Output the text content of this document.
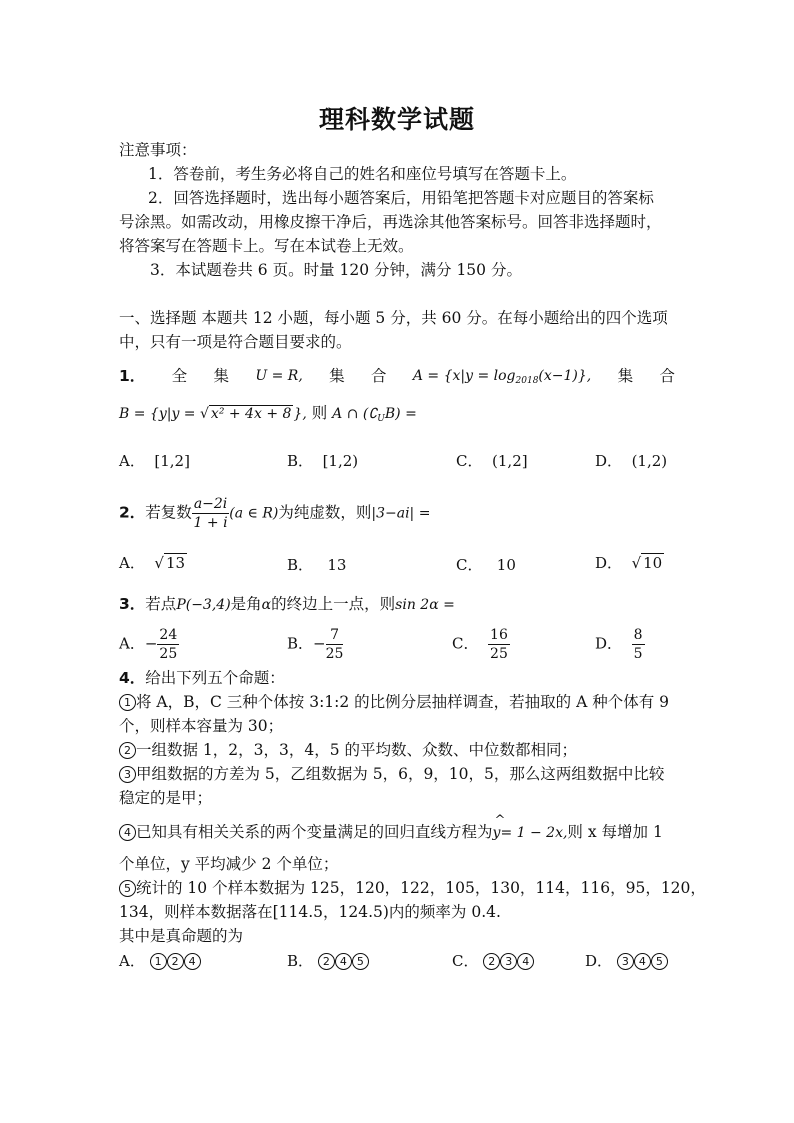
理科数学试题
注意事项：
1．答卷前，考生务必将自己的姓名和座位号填写在答题卡上。
2．回答选择题时，选出每小题答案后，用铅笔把答题卡对应题目的答案标
号涂黑。如需改动，用橡皮擦干净后，再选涂其他答案标号。回答非选择题时，
将答案写在答题卡上。写在本试卷上无效。
3．本试题卷共 6 页。时量 120 分钟，满分 150 分。
一、选择题 本题共 12 小题，每小题 5 分，共 60 分。在每小题给出的四个选项
中，只有一项是符合题目要求的。
1． 全 集 U = R, 集 合 $A = \{x|y = \log_{2018}(x-1)\}$, 集 合
B = {y|y = √ x² + 4x + 8 }, 则 A ∩ $(∁_UB)$ =
A． [1,2]	B． [1,2)	C． (1,2]	D． (1,2)
2．若复数 $\frac{a-2i}{1 + i} (a$ ∈ R)为纯虚数，则|3−ai| =
A． √ 13	B． 13	C． 10	D． √ 10
3．若点P(−3,4)是角α的终边上一点，则sin 2α =
A．− $\frac{24}{25}$	B．− $\frac{7}{25}$	C． $\frac{16}{25}$	D． $\frac{8}{5}$
4．给出下列五个命题：
1 将 A，B，C 三种个体按 3:1:2 的比例分层抽样调查，若抽取的 A 种个体有 9
个，则样本容量为 30；
2 一组数据 1，2，3，3，4，5 的平均数、众数、中位数都相同；
3 甲组数据的方差为 5，乙组数据为 5，6，9，10，5，那么这两组数据中比较
稳定的是甲；
4 已知具有相关关系的两个变量满足的回归直线方程为^ y= 1 − 2x,则 x 每增加 1
个单位，y 平均减少 2 个单位；
5 统计的 10 个样本数据为 125，120，122，105，130，114，116，95，120，
134，则样本数据落在[114.5，124.5)内的频率为 0.4.
其中是真命题的为
A． 1 2 4	B． 2 4 5	C． 2 3 4	D． 3 4 5
